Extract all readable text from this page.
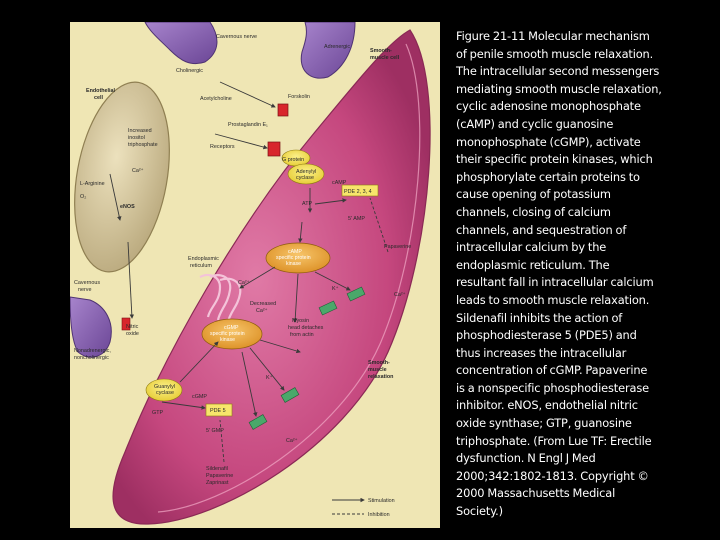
Cavernous nerve
Adrenergic
Smooth-
muscle cell
Cholinergic
Endothelial
cell	Acetylcholine	Forskolin
Prostaglandin E₁
Increased
inositol
triphosphate	Receptors
Ca²⁺
L-Arginine
O₂
eNOS
G protein
Adenylyl
cyclase
cAMP
ATP
PDE 2, 3, 4
5' AMP
Papaverine
cAMP
specific protein
kinase
Endoplasmic
reticulum
Ca²⁺
K⁺
Ca²⁺
Decreased
Ca²⁺
Cavernous
nerve
Myosin
head detaches
from actin
Nitric
oxide
Nonadrenergic,
noncholinergic
cGMP
specific protein
kinase
Smooth-
muscle
relaxation
Guanylyl
cyclase
cGMP
K⁺
GTP	PDE 5
5' GMP
Ca²⁺
Sildenafil
Papaverine
Zaprinast
Stimulation
Inhibition

Figure 21-11 Molecular mechanism
of penile smooth muscle relaxation.
The intracellular second messengers
mediating smooth muscle relaxation,
cyclic adenosine monophosphate
(cAMP) and cyclic guanosine
monophosphate (cGMP), activate
their specific protein kinases, which
phosphorylate certain proteins to
cause opening of potassium
channels, closing of calcium
channels, and sequestration of
intracellular calcium by the
endoplasmic reticulum. The
resultant fall in intracellular calcium
leads to smooth muscle relaxation.
Sildenafil inhibits the action of
phosphodiesterase 5 (PDE5) and
thus increases the intracellular
concentration of cGMP. Papaverine
is a nonspecific phosphodiesterase
inhibitor. eNOS, endothelial nitric
oxide synthase; GTP, guanosine
triphosphate. (From Lue TF: Erectile
dysfunction. N Engl J Med
2000;342:1802-1813. Copyright ©
2000 Massachusetts Medical
Society.)
